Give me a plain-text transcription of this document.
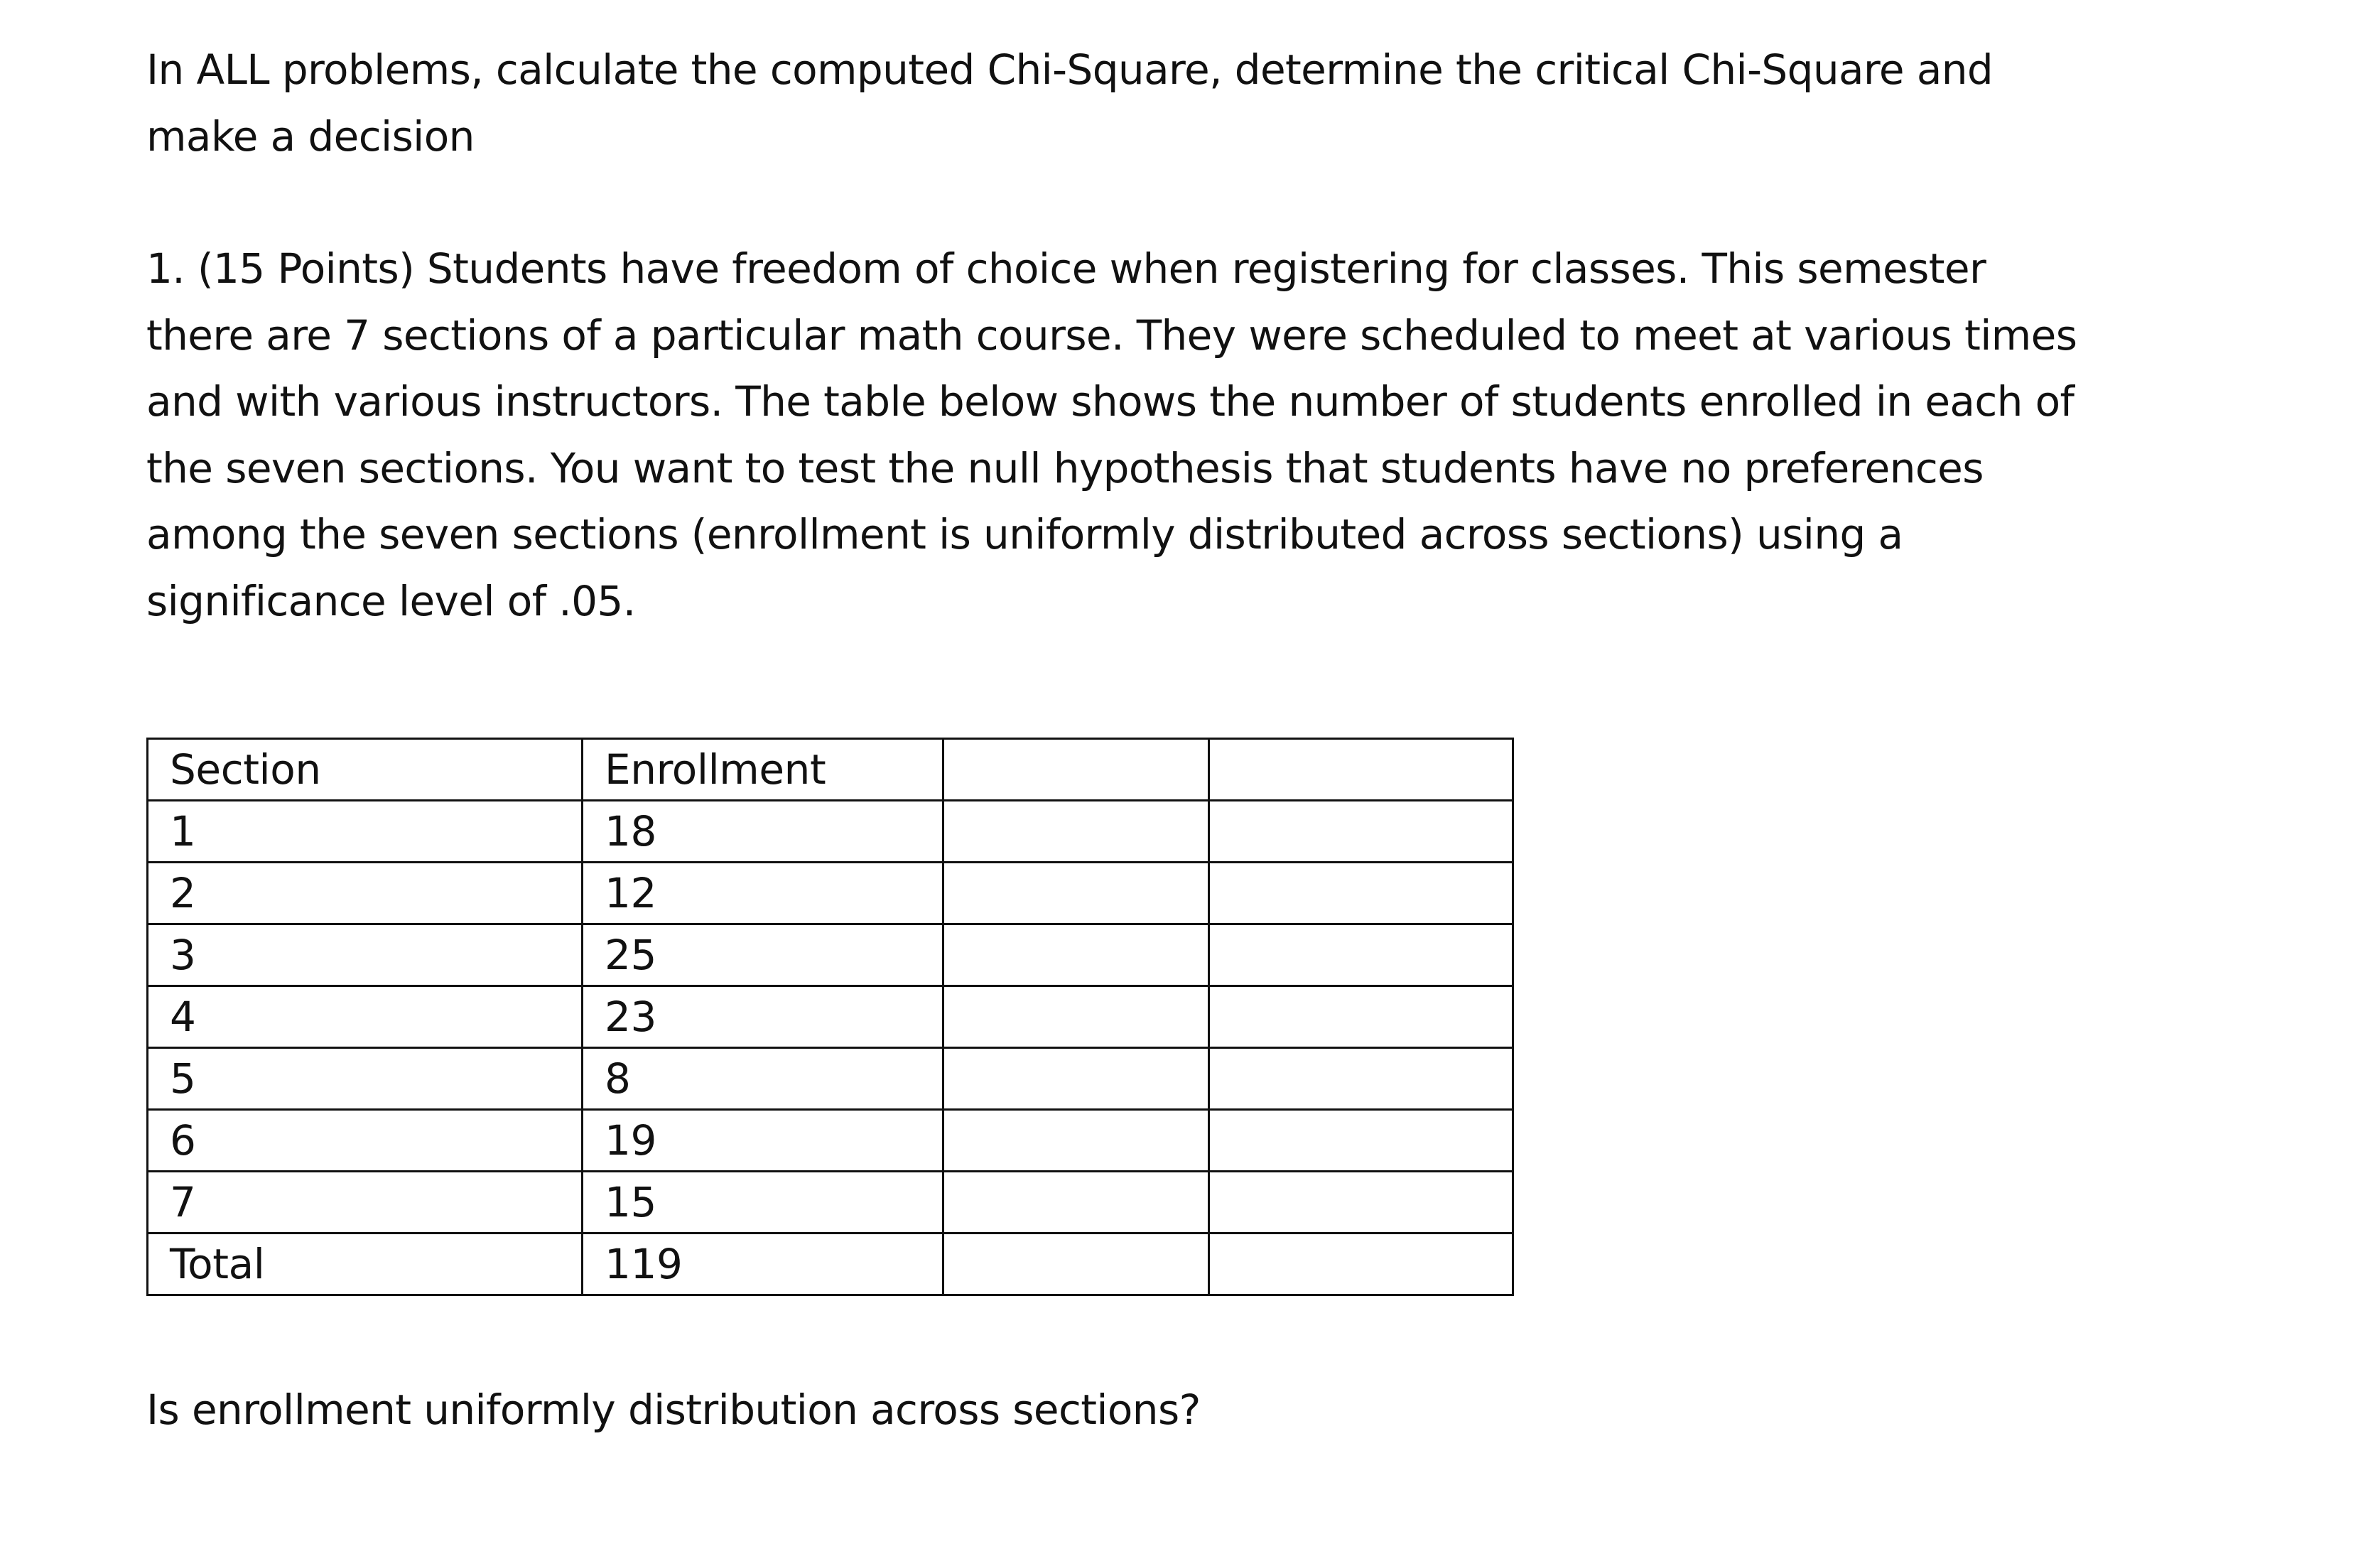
In ALL problems, calculate the computed Chi-Square, determine the critical Chi-Square and
make a decision

1. (15 Points) Students have freedom of choice when registering for classes. This semester
there are 7 sections of a particular math course. They were scheduled to meet at various times
and with various instructors. The table below shows the number of students enrolled in each of
the seven sections. You want to test the null hypothesis that students have no preferences
among the seven sections (enrollment is uniformly distributed across sections) using a
significance level of .05.

Section	Enrollment		
1	18		
2	12		
3	25		
4	23		
5	8		
6	19		
7	15		
Total	119		

Is enrollment uniformly distribution across sections?
